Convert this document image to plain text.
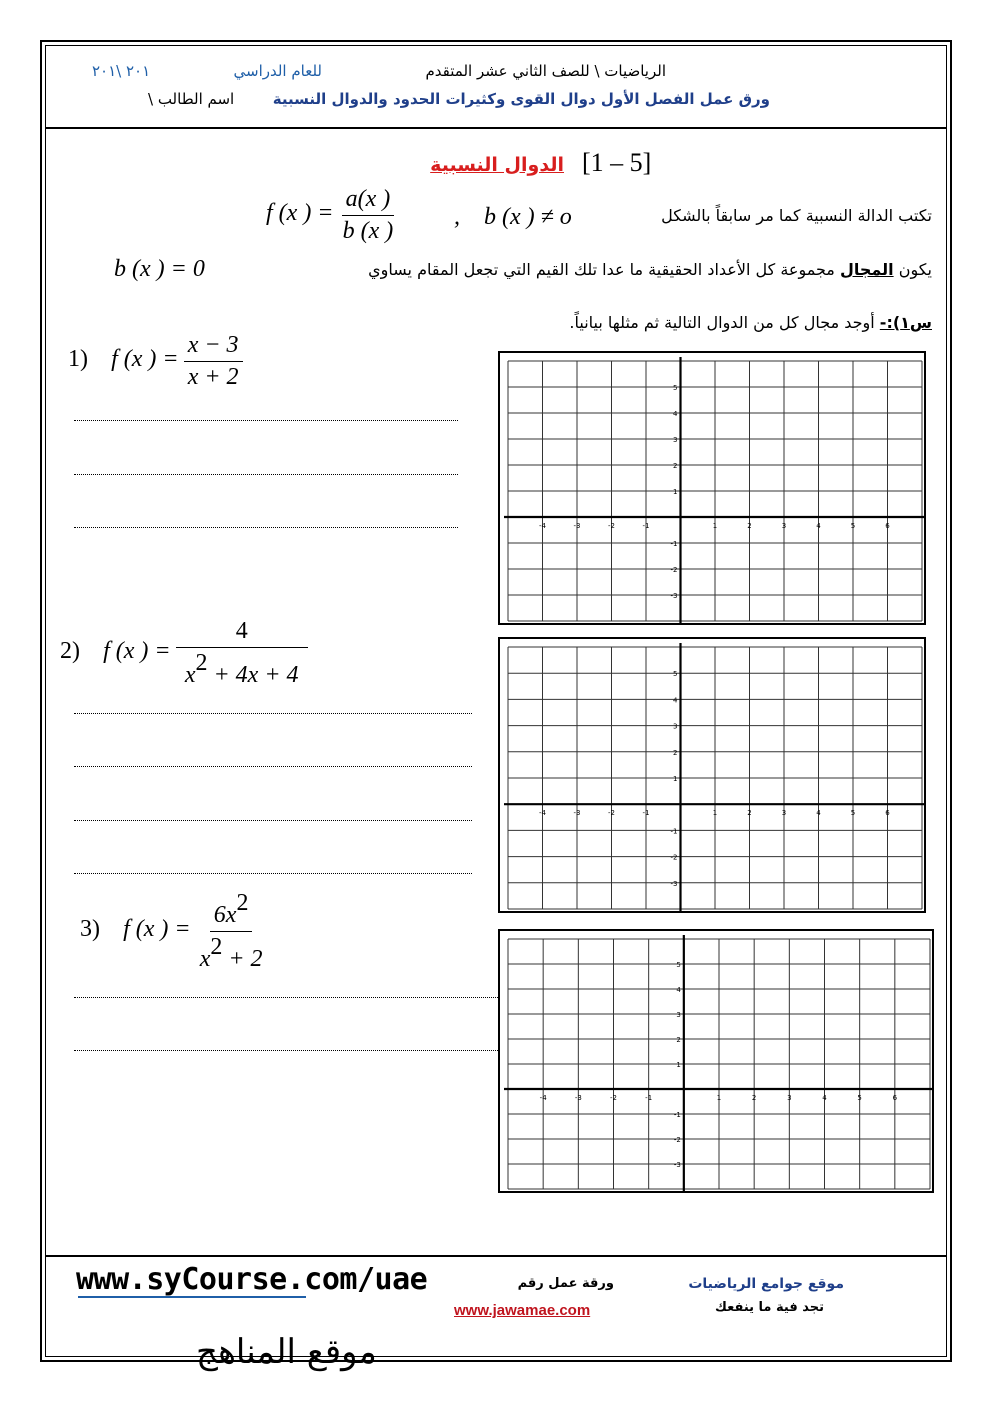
الرياضيات \ للصف الثاني عشر المتقدم
للعام الدراسي
٢٠١ \٢٠١
ورق عمل الفصل الأول دوال القوى وكثيرات الحدود والدوال النسبية
اسم الطالب \
[1 – 5]
الدوال النسبية
f (x ) = $\frac{a(x )}{b (x )}$ , b (x ) ≠ o	تكتب الدالة النسبية كما مر سابقاً بالشكل
يكون المجال مجموعة كل الأعداد الحقيقية ما عدا تلك القيم التي تجعل المقام يساوي
b (x ) = 0
س١):- أوجد مجال كل من الدوال التالية ثم مثلها بيانياً.
1) f (x ) = $\frac{x - 3}{x + 2}$
2) f (x ) = $\frac{4}{x^2 + 4x + 4}$
3) f (x ) = $\frac{6x^2}{x^2 + 2}$
-4	-3	-2	-1	1	2	3	4	5	6
5
4
3
2
1
-1
-2
-3
-4	-3	-2	-1	1	2	3	4	5	6
5
4
3
2
1
-1
-2
-3
-4	-3	-2	-1	1	2	3	4	5	6
5
4
3
2
1
-1
-2
-3
موقع جوامع الرياضيات
تجد فية ما ينفعك
ورقة عمل رقم
www.jawamae.com
www.syCourse.com/uae
موقع المناهج
